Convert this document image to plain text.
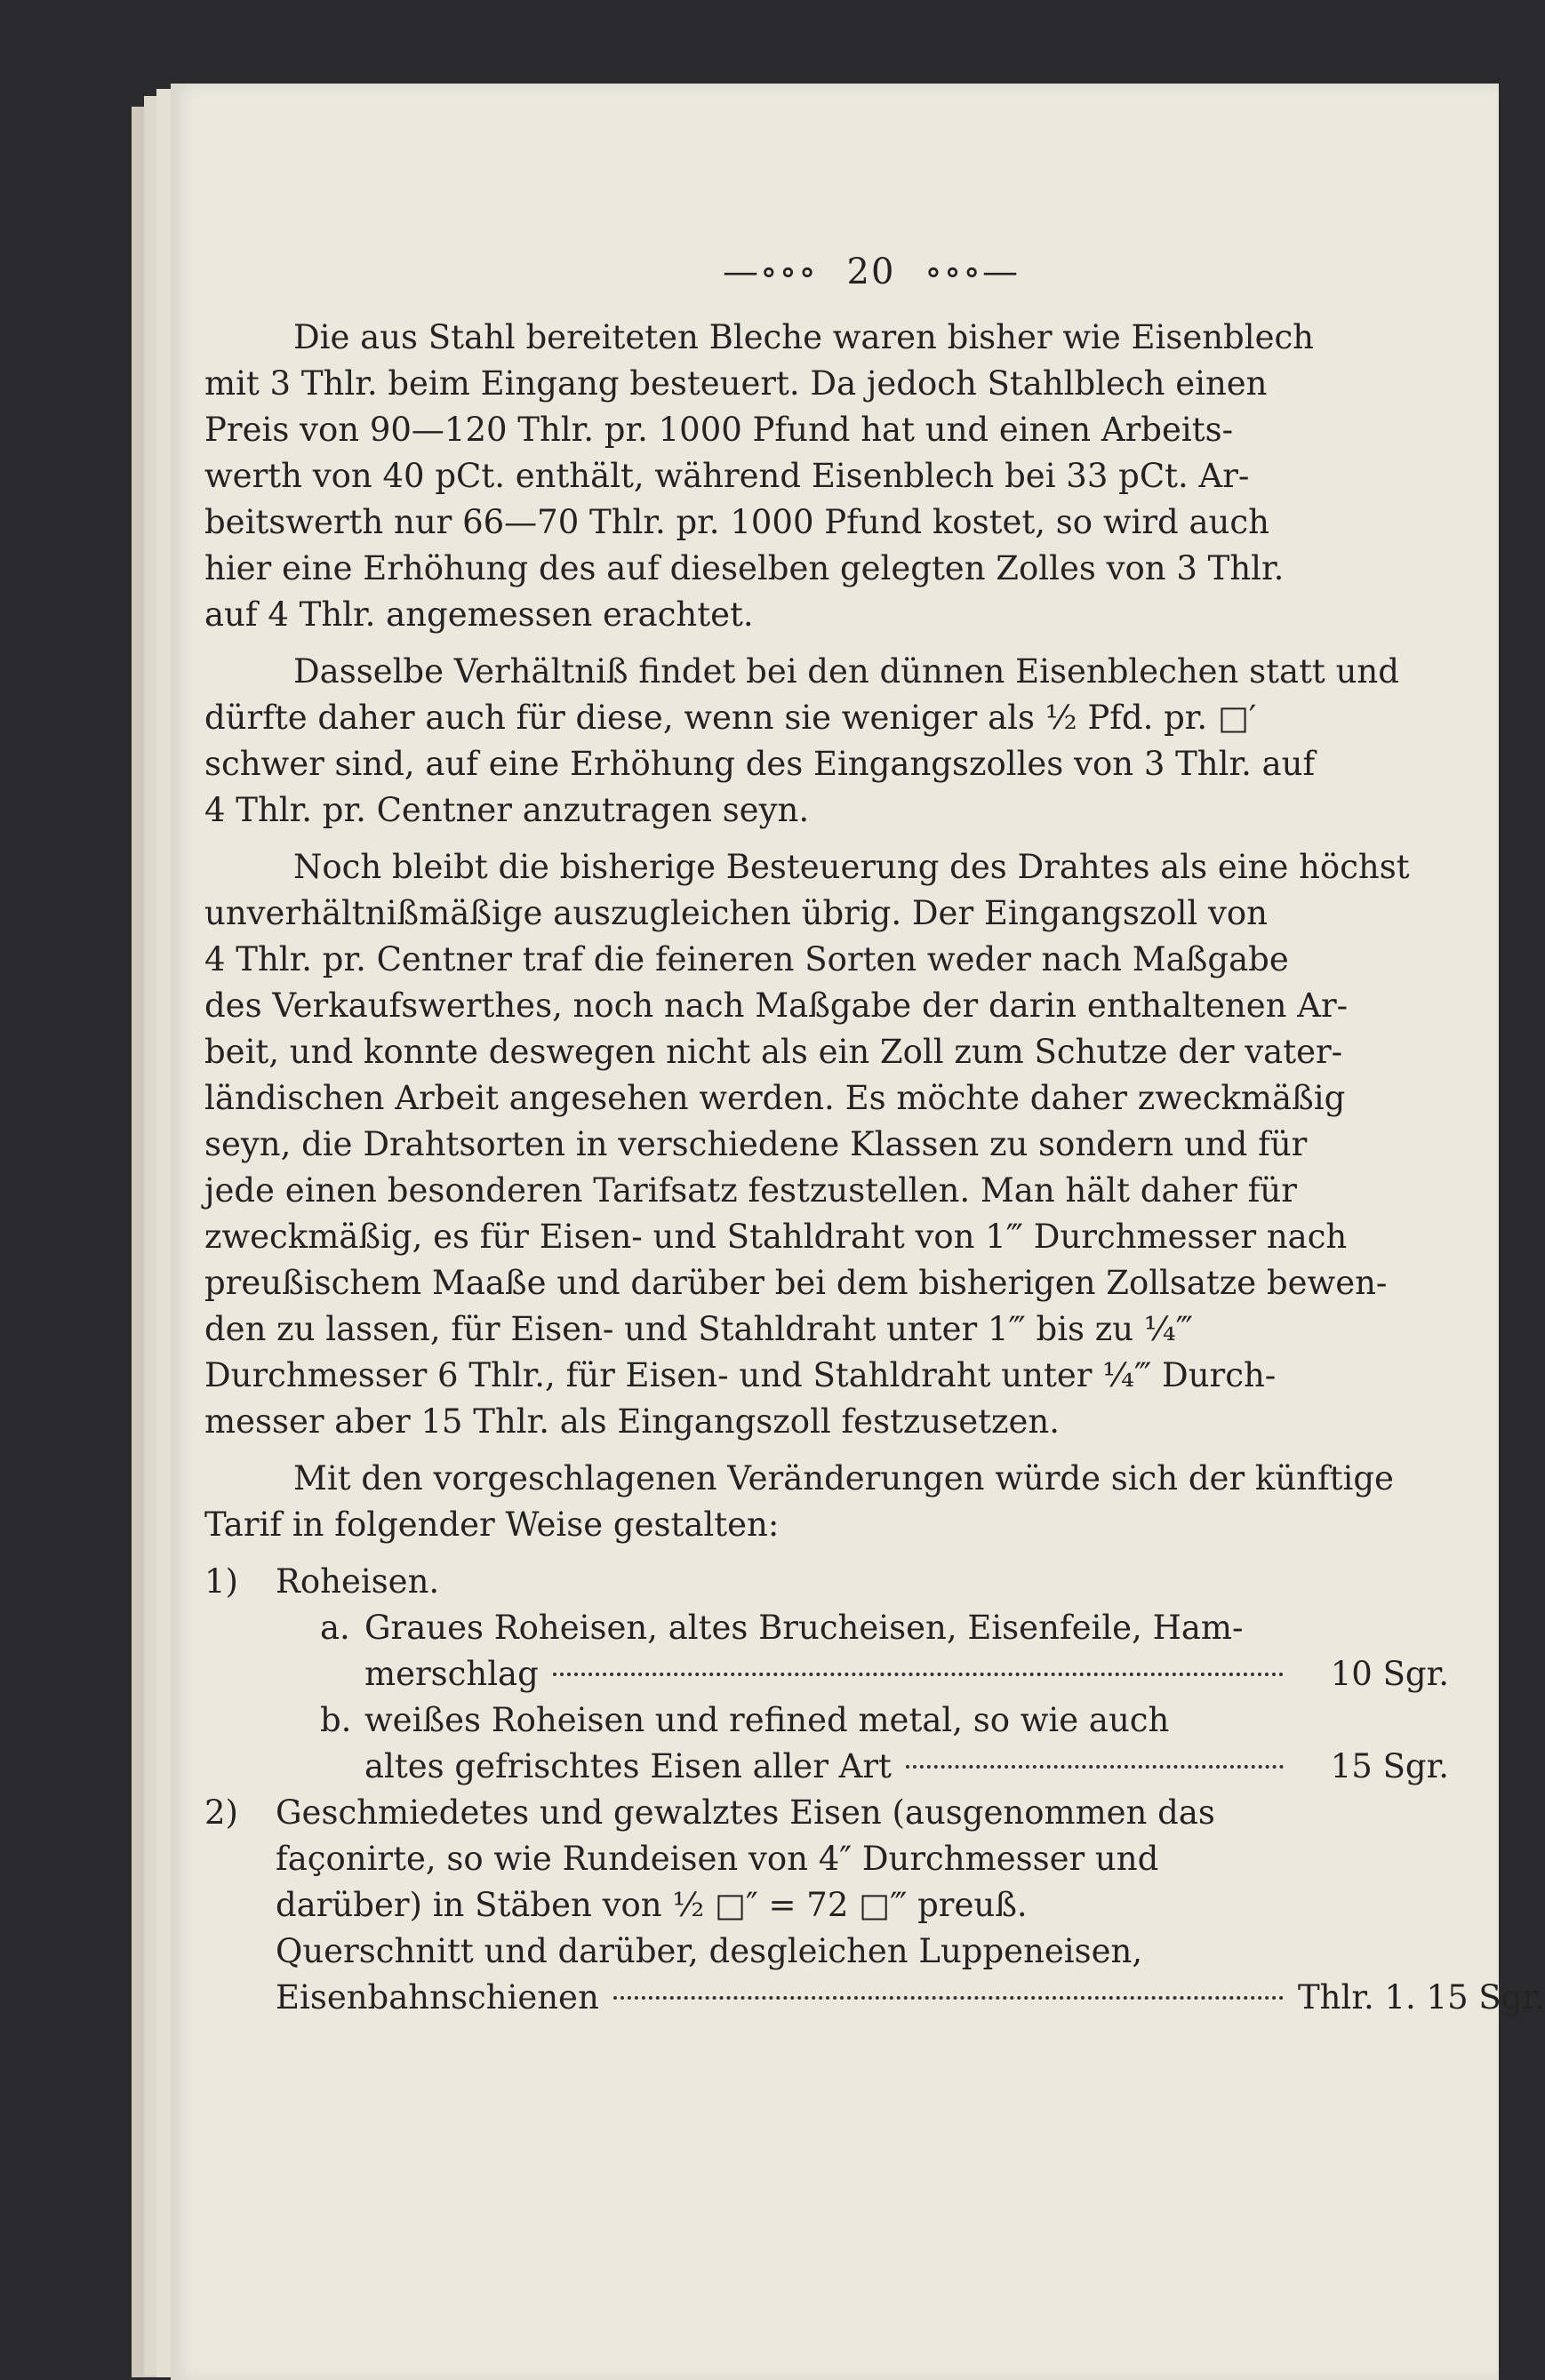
—∘∘∘ 20 ∘∘∘—
Die aus Stahl bereiteten Bleche waren bisher wie Eisenblech
mit 3 Thlr. beim Eingang besteuert. Da jedoch Stahlblech einen
Preis von 90—120 Thlr. pr. 1000 Pfund hat und einen Arbeits-
werth von 40 pCt. enthält, während Eisenblech bei 33 pCt. Ar-
beitswerth nur 66—70 Thlr. pr. 1000 Pfund kostet, so wird auch
hier eine Erhöhung des auf dieselben gelegten Zolles von 3 Thlr.
auf 4 Thlr. angemessen erachtet.
Dasselbe Verhältniß findet bei den dünnen Eisenblechen statt und
dürfte daher auch für diese, wenn sie weniger als ½ Pfd. pr. □′
schwer sind, auf eine Erhöhung des Eingangszolles von 3 Thlr. auf
4 Thlr. pr. Centner anzutragen seyn.
Noch bleibt die bisherige Besteuerung des Drahtes als eine höchst
unverhältnißmäßige auszugleichen übrig. Der Eingangszoll von
4 Thlr. pr. Centner traf die feineren Sorten weder nach Maßgabe
des Verkaufswerthes, noch nach Maßgabe der darin enthaltenen Ar-
beit, und konnte deswegen nicht als ein Zoll zum Schutze der vater-
ländischen Arbeit angesehen werden. Es möchte daher zweckmäßig
seyn, die Drahtsorten in verschiedene Klassen zu sondern und für
jede einen besonderen Tarifsatz festzustellen. Man hält daher für
zweckmäßig, es für Eisen- und Stahldraht von 1‴ Durchmesser nach
preußischem Maaße und darüber bei dem bisherigen Zollsatze bewen-
den zu lassen, für Eisen- und Stahldraht unter 1‴ bis zu ¼‴
Durchmesser 6 Thlr., für Eisen- und Stahldraht unter ¼‴ Durch-
messer aber 15 Thlr. als Eingangszoll festzusetzen.
Mit den vorgeschlagenen Veränderungen würde sich der künftige
Tarif in folgender Weise gestalten:
1)	Roheisen.
a. Graues Roheisen, altes Brucheisen, Eisenfeile, Ham-
merschlag	10 Sgr.
b. weißes Roheisen und refined metal, so wie auch
altes gefrischtes Eisen aller Art	15 Sgr.
2)	Geschmiedetes und gewalztes Eisen (ausgenommen das
façonirte, so wie Rundeisen von 4″ Durchmesser und
darüber) in Stäben von ½ □″ = 72 □‴ preuß.
Querschnitt und darüber, desgleichen Luppeneisen,
Eisenbahnschienen	Thlr. 1. 15 Sgr.
